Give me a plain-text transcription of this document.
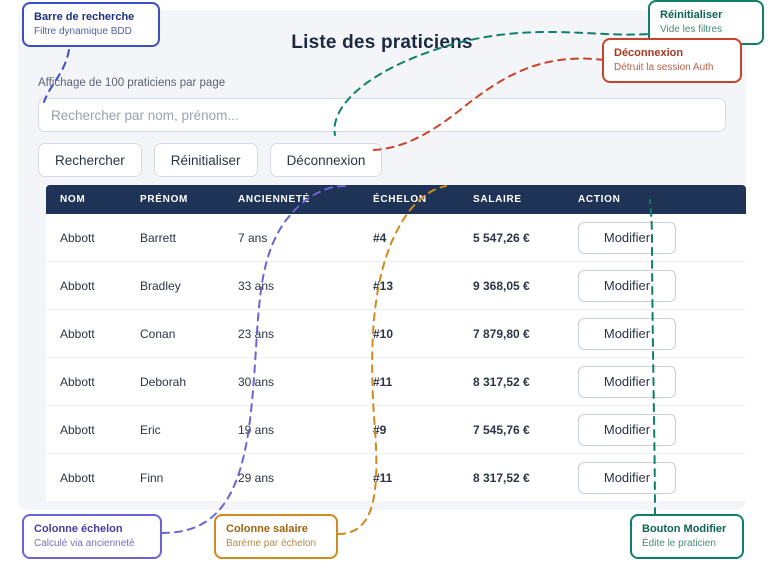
Liste des praticiens
Affichage de 100 praticiens par page
Rechercher par nom, prénom...
Rechercher	Réinitialiser	Déconnexion
NOM	PRÉNOM	ANCIENNETÉ	ÉCHELON	SALAIRE	ACTION
Abbott	Barrett	7 ans	#4	5 547,26 €	Modifier
Abbott	Bradley	33 ans	#13	9 368,05 €	Modifier
Abbott	Conan	23 ans	#10	7 879,80 €	Modifier
Abbott	Deborah	30 ans	#11	8 317,52 €	Modifier
Abbott	Eric	19 ans	#9	7 545,76 €	Modifier
Abbott	Finn	29 ans	#11	8 317,52 €	Modifier
Barre de recherche
Filtre dynamique BDD
Réinitialiser
Vide les filtres
Déconnexion
Détruit la session Auth
Colonne échelon
Calculé via ancienneté
Colonne salaire
Barème par échelon
Bouton Modifier
Édite le praticien
